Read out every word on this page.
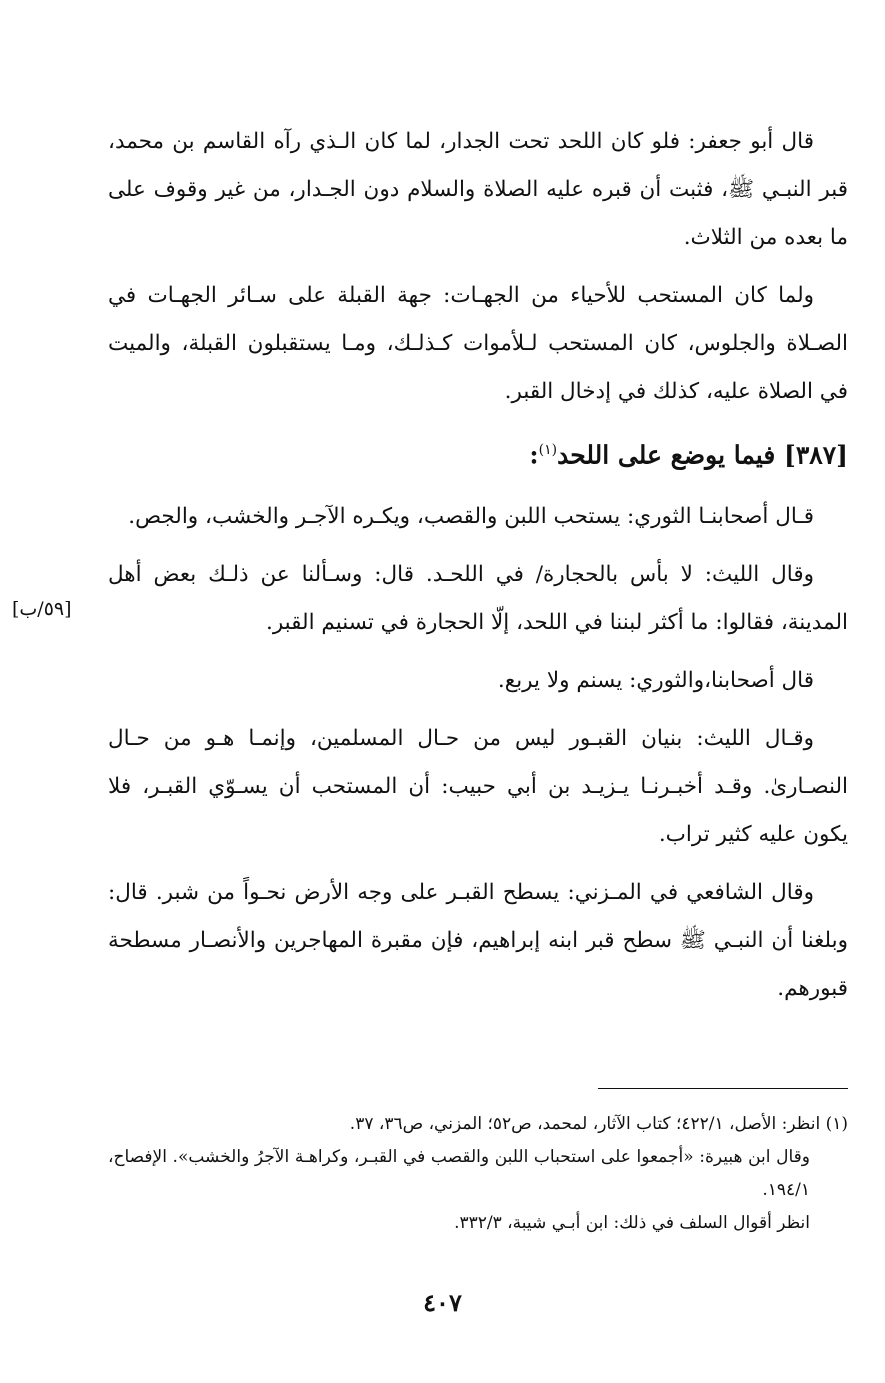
قال أبو جعفر: فلو كان اللحد تحت الجدار، لما كان الـذي رآه القاسم بن محمد، قبر النبـي ﷺ، فثبت أن قبره عليه الصلاة والسلام دون الجـدار، من غير وقوف على ما بعده من الثلاث.

ولما كان المستحب للأحياء من الجهـات: جهة القبلة على سـائر الجهـات في الصـلاة والجلوس، كان المستحب لـلأموات كـذلـك، ومـا يستقبلون القبلة، والميت في الصلاة عليه، كذلك في إدخال القبر.

[٣٨٧] فيما يوضع على اللحد$^{(١)}$:

قـال أصحابنـا الثوري: يستحب اللبن والقصب، ويكـره الآجـر والخشب، والجص.

وقال الليث: لا بأس بالحجارة/ في اللحـد. قال: وسـألنا عن ذلـك بعض أهل المدينة، فقالوا: ما أكثر لبننا في اللحد، إلّا الحجارة في تسنيم القبر.

قال أصحابنا،والثوري: يسنم ولا يربع.

وقـال الليث: بنيان القبـور ليس من حـال المسلمين، وإنمـا هـو من حـال النصـارىٰ. وقـد أخبـرنـا يـزيـد بن أبي حبيب: أن المستحب أن يسـوّي القبـر، فلا يكون عليه كثير تراب.

وقال الشافعي في المـزني: يسطح القبـر على وجه الأرض نحـواً من شبر. قال: وبلغنا أن النبـي ﷺ سطح قبر ابنه إبراهيم، فإن مقبرة المهاجرين والأنصـار مسطحة قبورهم.

[٥٩/ب]

(١) انظر: الأصل، ٤٢٢/١؛ كتاب الآثار، لمحمد، ص٥٢؛ المزني، ص٣٦، ٣٧.

وقال ابن هبيرة: «أجمعوا على استحباب اللبن والقصب في القبـر، وكراهـة الآجرُ والخشب». الإفصاح، ١٩٤/١.

انظر أقوال السلف في ذلك: ابن أبـي شيبة، ٣٣٢/٣.

٤٠٧
